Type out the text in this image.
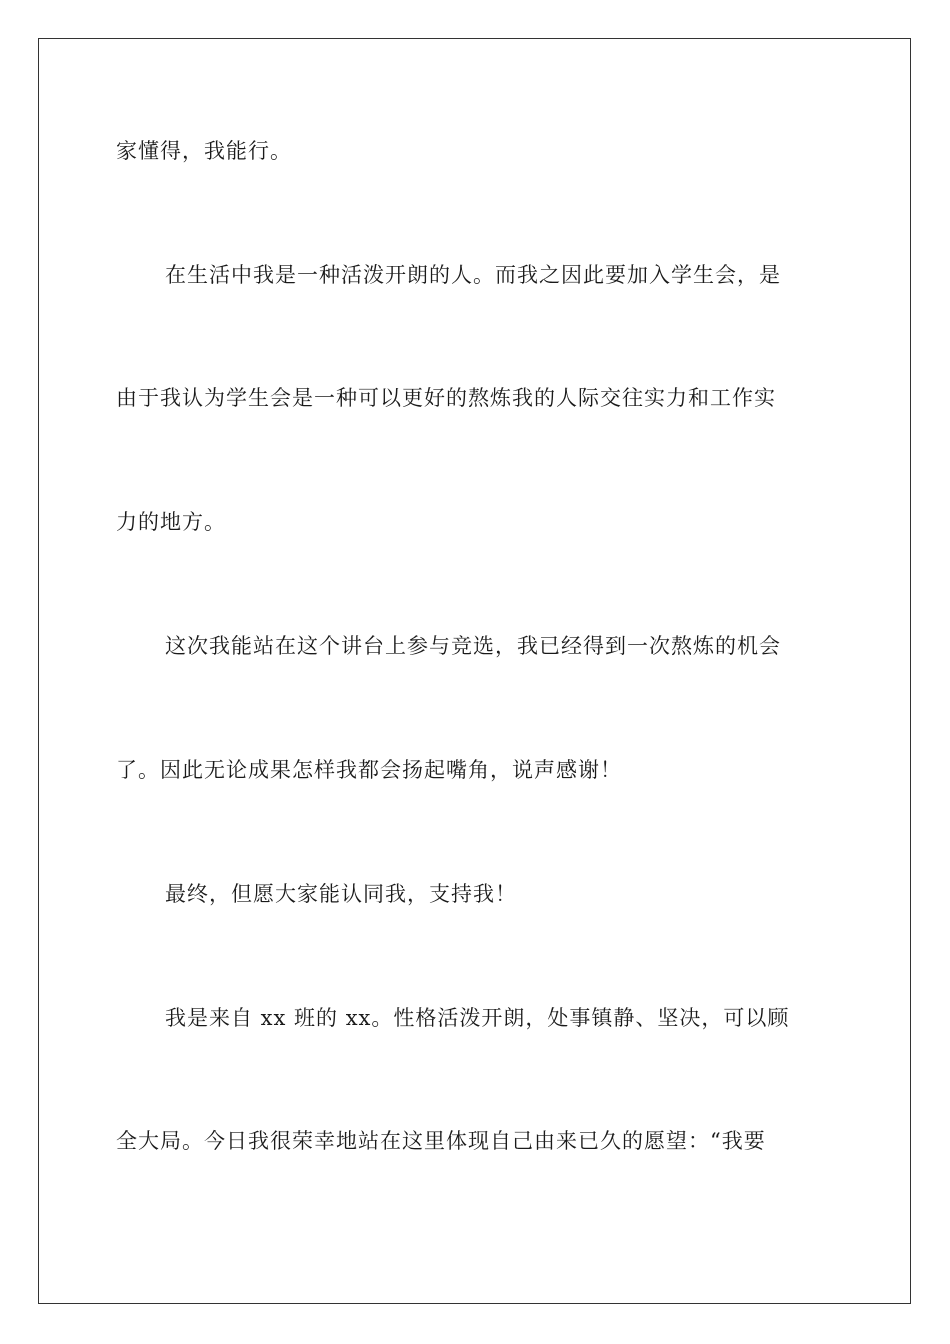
家懂得，我能行。
在生活中我是一种活泼开朗的人。而我之因此要加入学生会，是
由于我认为学生会是一种可以更好的熬炼我的人际交往实力和工作实
力的地方。
这次我能站在这个讲台上参与竞选，我已经得到一次熬炼的机会
了。因此无论成果怎样我都会扬起嘴角，说声感谢！
最终，但愿大家能认同我，支持我！
我是来自 xx 班的 xx。性格活泼开朗，处事镇静、坚决，可以顾
全大局。今日我很荣幸地站在这里体现自己由来已久的愿望：“我要
